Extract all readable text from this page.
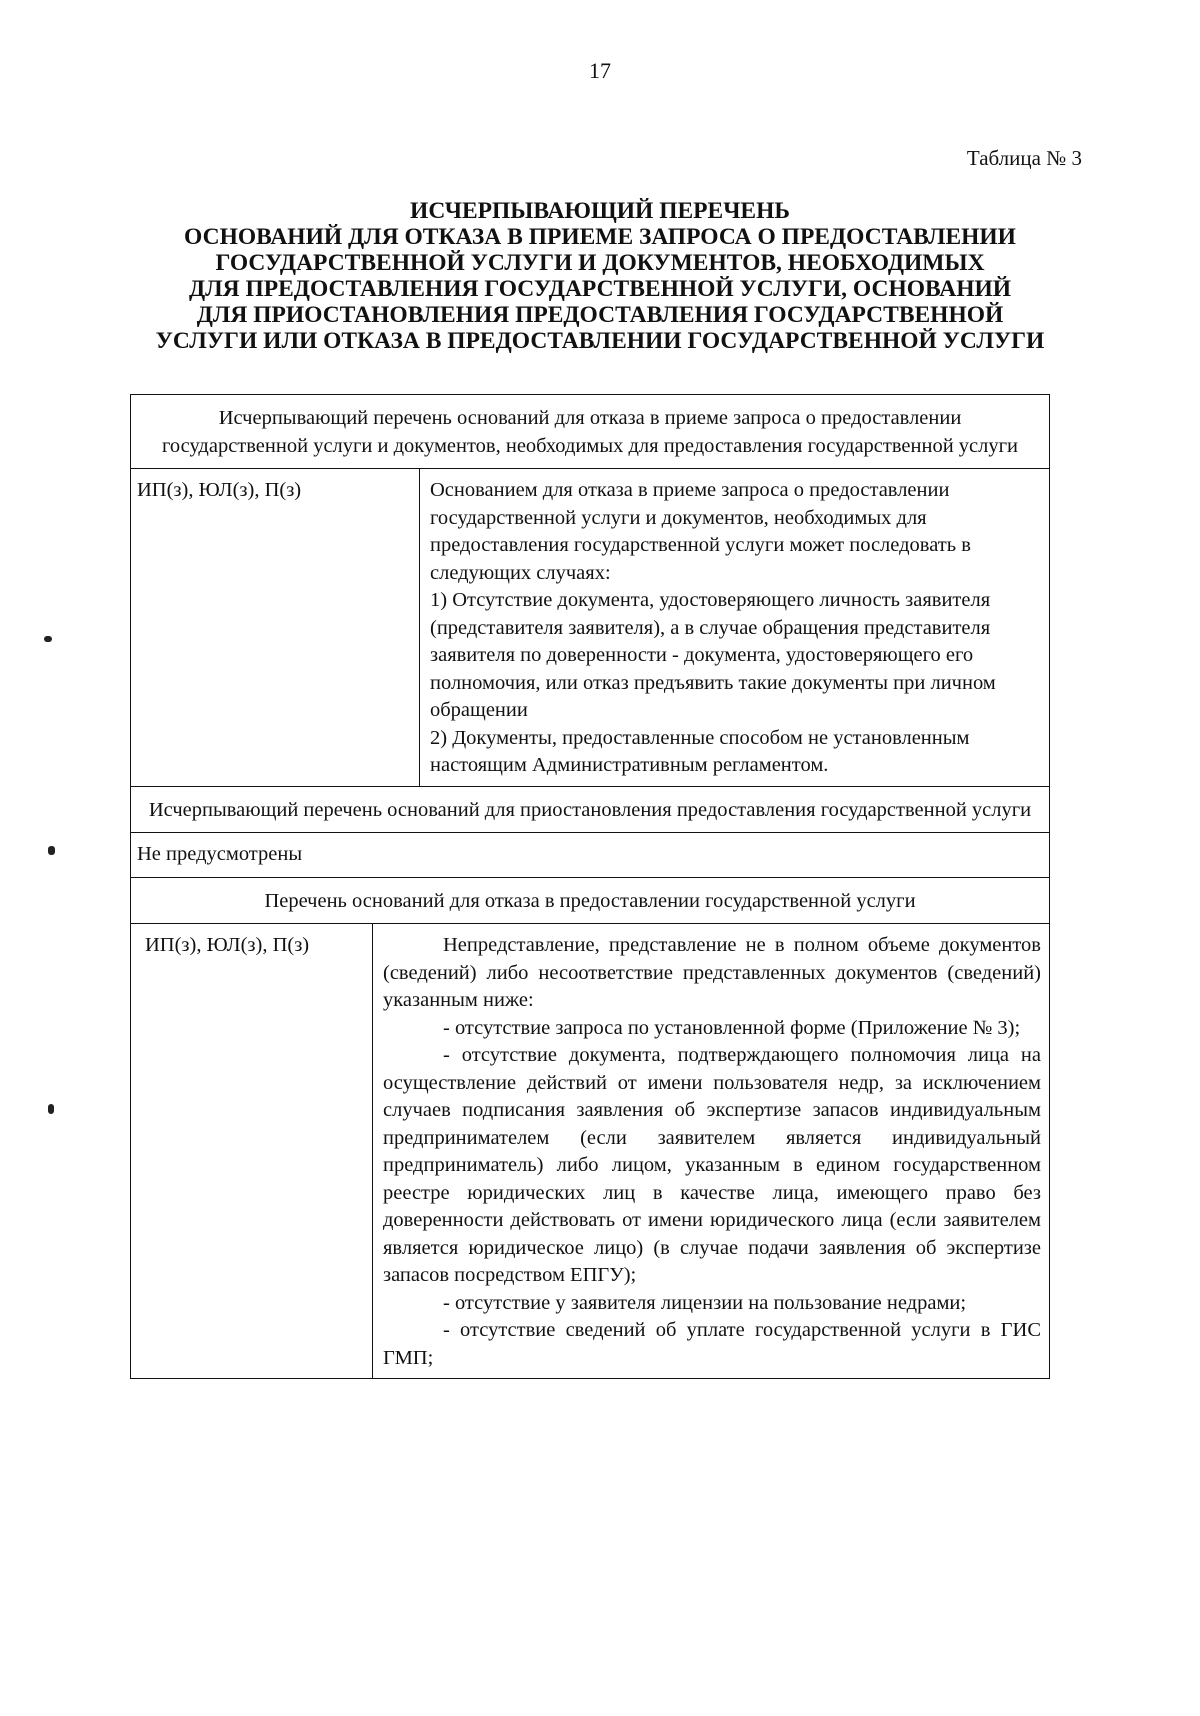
17
Таблица № 3
ИСЧЕРПЫВАЮЩИЙ ПЕРЕЧЕНЬ
ОСНОВАНИЙ ДЛЯ ОТКАЗА В ПРИЕМЕ ЗАПРОСА О ПРЕДОСТАВЛЕНИИ
ГОСУДАРСТВЕННОЙ УСЛУГИ И ДОКУМЕНТОВ, НЕОБХОДИМЫХ
ДЛЯ ПРЕДОСТАВЛЕНИЯ ГОСУДАРСТВЕННОЙ УСЛУГИ, ОСНОВАНИЙ
ДЛЯ ПРИОСТАНОВЛЕНИЯ ПРЕДОСТАВЛЕНИЯ ГОСУДАРСТВЕННОЙ
УСЛУГИ ИЛИ ОТКАЗА В ПРЕДОСТАВЛЕНИИ ГОСУДАРСТВЕННОЙ УСЛУГИ
Исчерпывающий перечень оснований для отказа в приеме запроса о предоставлении государственной услуги и документов, необходимых для предоставления государственной услуги
ИП(з), ЮЛ(з), П(з)	Основанием для отказа в приеме запроса о предоставлении государственной услуги и документов, необходимых для предоставления государственной услуги может последовать в следующих случаях:

1) Отсутствие документа, удостоверяющего личность заявителя (представителя заявителя), а в случае обращения представителя заявителя по доверенности - документа, удостоверяющего его полномочия, или отказ предъявить такие документы при личном обращении

2) Документы, предоставленные способом не установленным настоящим Административным регламентом.

Исчерпывающий перечень оснований для приостановления предоставления государственной услуги
Не предусмотрены
Перечень оснований для отказа в предоставлении государственной услуги
ИП(з), ЮЛ(з), П(з)	Непредставление, представление не в полном объеме документов (сведений) либо несоответствие представленных документов (сведений) указанным ниже:

- отсутствие запроса по установленной форме (Приложение № 3);

- отсутствие документа, подтверждающего полномочия лица на осуществление действий от имени пользователя недр, за исключением случаев подписания заявления об экспертизе запасов индивидуальным предпринимателем (если заявителем является индивидуальный предприниматель) либо лицом, указанным в едином государственном реестре юридических лиц в качестве лица, имеющего право без доверенности действовать от имени юридического лица (если заявителем является юридическое лицо) (в случае подачи заявления об экспертизе запасов посредством ЕПГУ);

- отсутствие у заявителя лицензии на пользование недрами;

- отсутствие сведений об уплате государственной услуги в ГИС ГМП;
